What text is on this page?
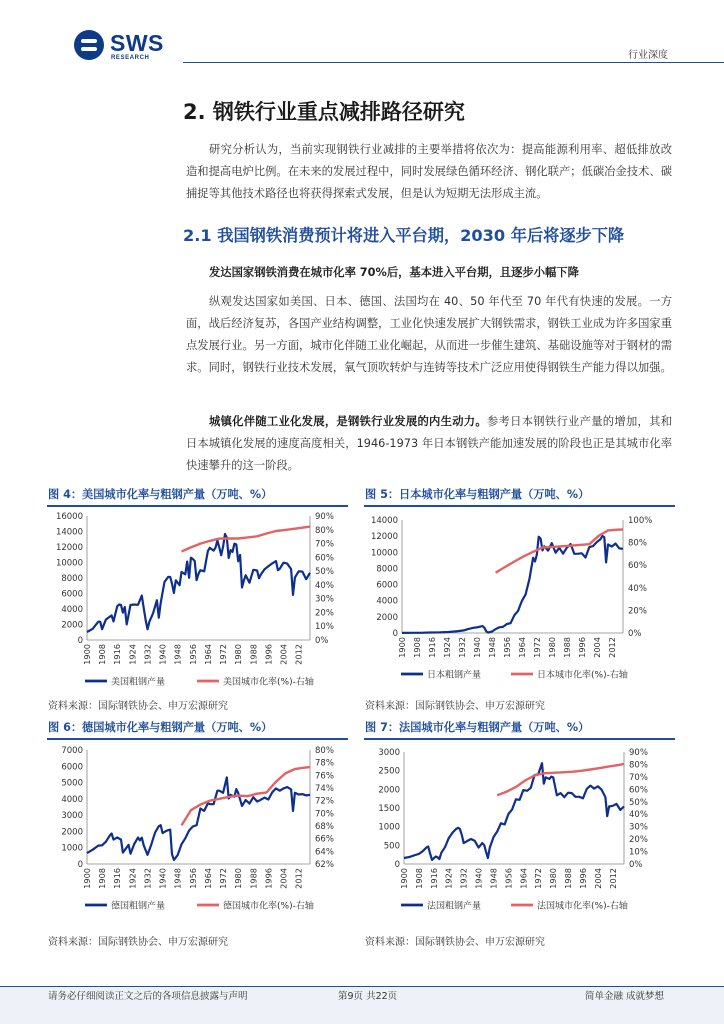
SWS
RESEARCH	行业深度
2. 钢铁行业重点减排路径研究
研究分析认为，当前实现钢铁行业减排的主要举措将依次为：提高能源利用率、超低排放改造和提高电炉比例。在未来的发展过程中，同时发展绿色循环经济、钢化联产；低碳冶金技术、碳捕捉等其他技术路径也将获得探索式发展，但是认为短期无法形成主流。
2.1 我国钢铁消费预计将进入平台期，2030 年后将逐步下降
发达国家钢铁消费在城市化率 70%后，基本进入平台期，且逐步小幅下降
纵观发达国家如美国、日本、德国、法国均在 40、50 年代至 70 年代有快速的发展。一方面，战后经济复苏，各国产业结构调整，工业化快速发展扩大钢铁需求，钢铁工业成为许多国家重点发展行业。另一方面，城市化伴随工业化崛起，从而进一步催生建筑、基础设施等对于钢材的需求。同时，钢铁行业技术发展，氧气顶吹转炉与连铸等技术广泛应用使得钢铁生产能力得以加强。
城镇化伴随工业化发展，是钢铁行业发展的内生动力。参考日本钢铁行业产量的增加，其和日本城镇化发展的速度高度相关，1946-1973 年日本钢铁产能加速发展的阶段也正是其城市化率快速攀升的这一阶段。
图 4：美国城市化率与粗钢产量（万吨、%）	图 5：日本城市化率与粗钢产量（万吨、%）
资料来源：国际钢铁协会、申万宏源研究	资料来源：国际钢铁协会、申万宏源研究
图 6：德国城市化率与粗钢产量（万吨、%）	图 7：法国城市化率与粗钢产量（万吨、%）
资料来源：国际钢铁协会、申万宏源研究	资料来源：国际钢铁协会、申万宏源研究
0
2000
4000
6000
8000
10000
12000
14000
16000
0%
10%
20%
30%
40%
50%
60%
70%
80%
90%
1900 1908 1916 1924 1932 1940 1948 1956 1964 1972 1980 1988 1996 2004 2012
美国粗钢产量	美国城市化率(%)-右轴
0
2000
4000
6000
8000
10000
12000
14000
0%
20%
40%
60%
80%
100%
1900 1908 1916 1924 1932 1940 1948 1956 1964 1972 1980 1988 1996 2004 2012
日本粗钢产量	日本城市化率(%)-右轴
0
1000
2000
3000
4000
5000
6000
7000
62%
64%
66%
68%
70%
72%
74%
76%
78%
80%
1900 1908 1916 1924 1932 1940 1948 1956 1964 1972 1980 1988 1996 2004 2012
德国粗钢产量	德国城市化率(%)-右轴
0
500
1000
1500
2000
2500
3000
0%
10%
20%
30%
40%
50%
60%
70%
80%
90%
1900 1908 1916 1924 1932 1940 1948 1956 1964 1972 1980 1988 1996 2004 2012
法国粗钢产量	法国城市化率(%)-右轴
请务必仔细阅读正文之后的各项信息披露与声明	第9页 共22页	简单金融 成就梦想
